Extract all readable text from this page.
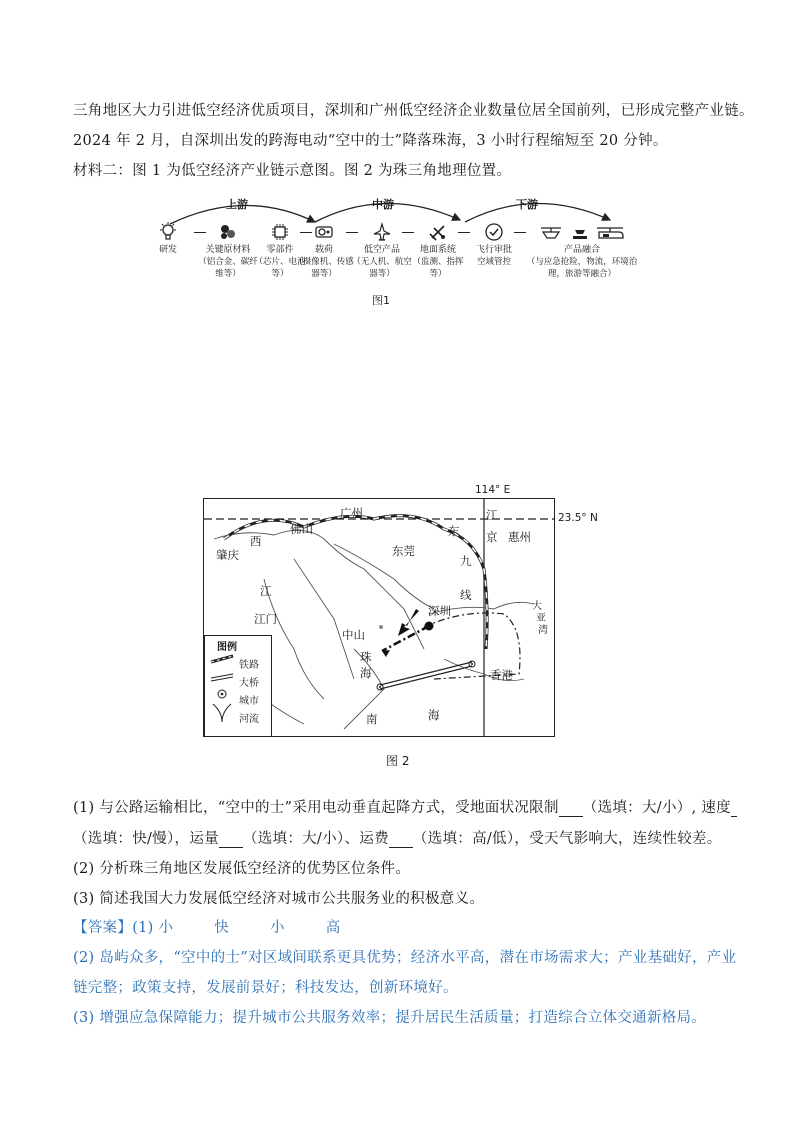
三角地区大力引进低空经济优质项目，深圳和广州低空经济企业数量位居全国前列，已形成完整产业链。
2024 年 2 月，自深圳出发的跨海电动“空中的士”降落珠海，3 小时行程缩短至 20 分钟。
材料二：图 1 为低空经济产业链示意图。图 2 为珠三角地理位置。
上游	中游	下游
研发	关键原材料
（铝合金、碳纤维等）
零部件
（芯片、电池等）
载荷
（摄像机、传感器等）
低空产品
（无人机、航空器等）
地面系统
（监测、指挥等）
飞行审批
空域管控
产品融合
（与应急抢险，物流，环境治理，旅游等融合）
图1
114° E
23.5° N
广州
佛山
西
肇庆
江
江门
东莞
东
九
线
江
京 惠州
深圳
中山
珠
海	香港
大
亚
湾
南	海
图例
铁路
大桥
城市
河流
图 2
(1) 与公路运输相比，“空中的士”采用电动垂直起降方式，受地面状况限制 （选填：大/小）, 速度
（选填：快/慢），运量 （选填：大/小）、运费 （选填：高/低），受天气影响大，连续性较差。
(2) 分析珠三角地区发展低空经济的优势区位条件。
(3) 简述我国大力发展低空经济对城市公共服务业的积极意义。
【答案】(1) 小	快	小	高
(2) 岛屿众多，“空中的士”对区域间联系更具优势；经济水平高，潜在市场需求大；产业基础好，产业
链完整；政策支持，发展前景好；科技发达，创新环境好。
(3) 增强应急保障能力；提升城市公共服务效率；提升居民生活质量；打造综合立体交通新格局。
